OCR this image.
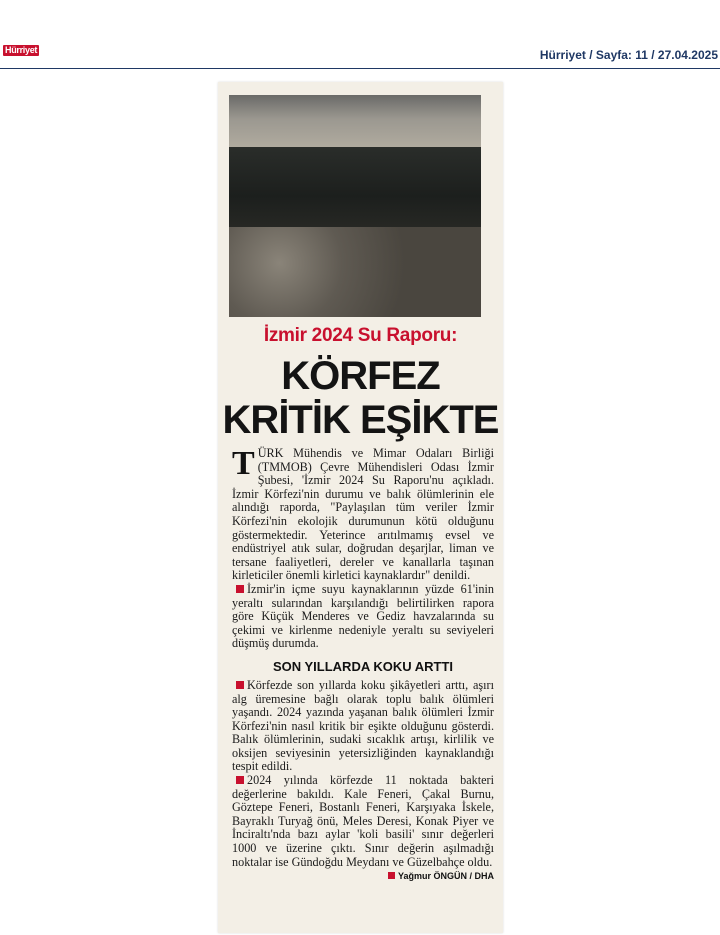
Hürriyet	Hürriyet / Sayfa: 11 / 27.04.2025
İzmir 2024 Su Raporu:
KÖRFEZ
KRİTİK EŞİKTE

TÜRK Mühendis ve Mimar Odaları Birliği (TMMOB) Çevre Mühendisleri Odası İzmir Şubesi, 'İzmir 2024 Su Raporu'nu açıkladı. İzmir Körfezi'nin durumu ve balık ölümlerinin ele alındığı raporda, "Paylaşılan tüm veriler İzmir Körfezi'nin ekolojik durumunun kötü olduğunu göstermektedir. Yeterince arıtılmamış evsel ve endüstriyel atık sular, doğrudan deşarjlar, liman ve tersane faaliyetleri, dereler ve kanallarla taşınan kirleticiler önemli kirletici kaynaklardır" denildi.

İzmir'in içme suyu kaynaklarının yüzde 61'inin yeraltı sularından karşılandığı belirtilirken rapora göre Küçük Menderes ve Gediz havzalarında su çekimi ve kirlenme nedeniyle yeraltı su seviyeleri düşmüş durumda.

SON YILLARDA KOKU ARTTI

Körfezde son yıllarda koku şikâyetleri arttı, aşırı alg üremesine bağlı olarak toplu balık ölümleri yaşandı. 2024 yazında yaşanan balık ölümleri İzmir Körfezi'nin nasıl kritik bir eşikte olduğunu gösterdi. Balık ölümlerinin, sudaki sıcaklık artışı, kirlilik ve oksijen seviyesinin yetersizliğinden kaynaklandığı tespit edildi.

2024 yılında körfezde 11 noktada bakteri değerlerine bakıldı. Kale Feneri, Çakal Burnu, Göztepe Feneri, Bostanlı Feneri, Karşıyaka İskele, Bayraklı Turyağ önü, Meles Deresi, Konak Piyer ve İnciraltı'nda bazı aylar 'koli basili' sınır değerleri 1000 ve üzerine çıktı. Sınır değerin aşılmadığı noktalar ise Gündoğdu Meydanı ve Güzelbahçe oldu.
Yağmur ÖNGÜN / DHA
